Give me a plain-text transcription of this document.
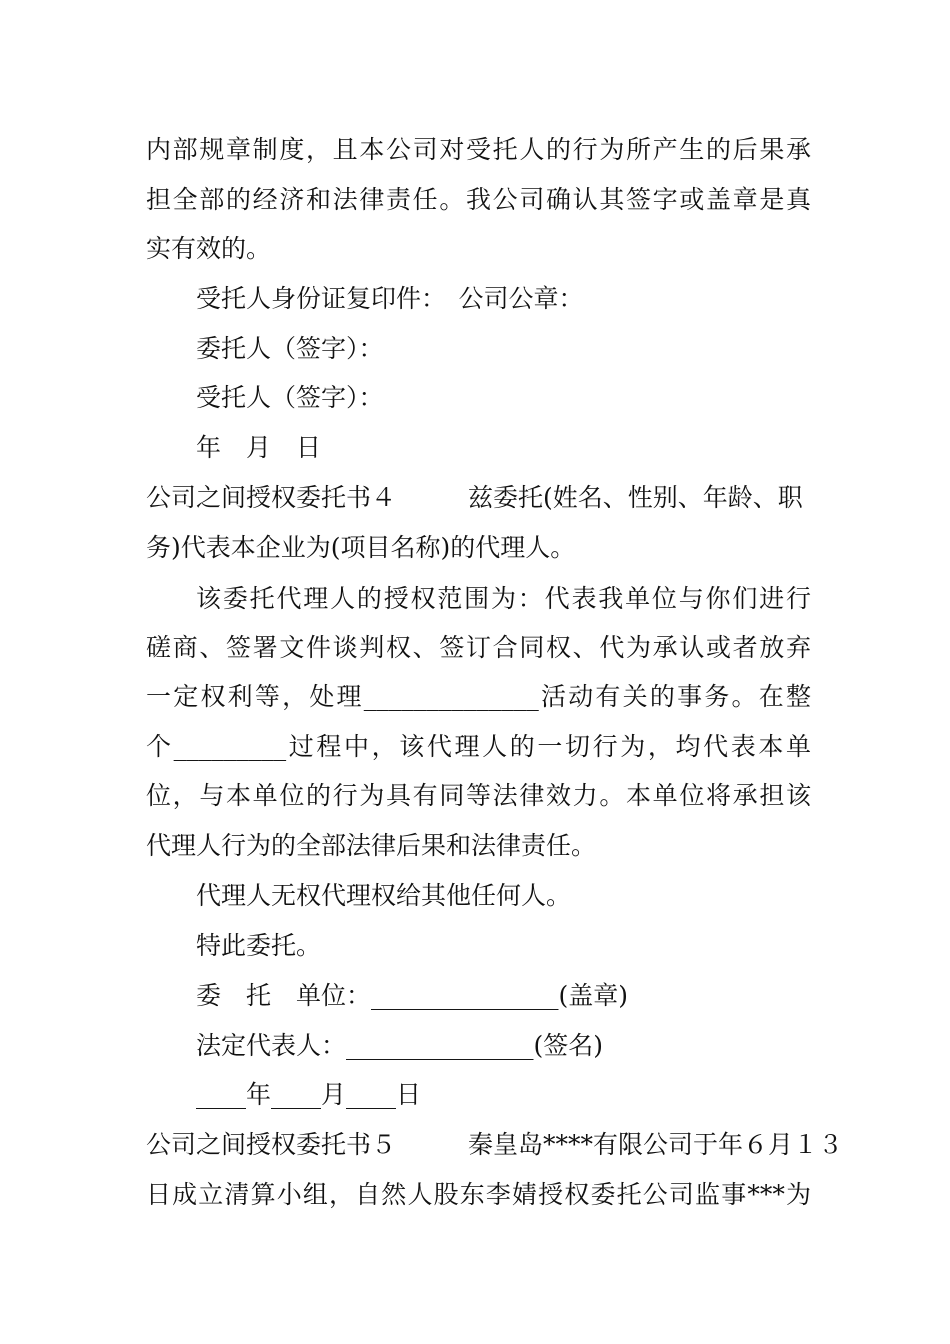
内部规章制度，且本公司对受托人的行为所产生的后果承
担全部的经济和法律责任。我公司确认其签字或盖章是真
实有效的。
受托人身份证复印件：　公司公章：
委托人（签字）：
受托人（签字）：
年　月　日
公司之间授权委托书４	兹委托(姓名、性别、年龄、职
务)代表本企业为(项目名称)的代理人。
该委托代理人的授权范围为：代表我单位与你们进行
磋商、签署文件谈判权、签订合同权、代为承认或者放弃
一定权利等，处理______________活动有关的事务。在整
个_________过程中，该代理人的一切行为，均代表本单
位，与本单位的行为具有同等法律效力。本单位将承担该
代理人行为的全部法律后果和法律责任。
代理人无权代理权给其他任何人。
特此委托。
委　托　单位：_______________(盖章)
法定代表人：_______________(签名)
____年____月____日
公司之间授权委托书５	秦皇岛****有限公司于年６月１３
日成立清算小组，自然人股东李婧授权委托公司监事***为
